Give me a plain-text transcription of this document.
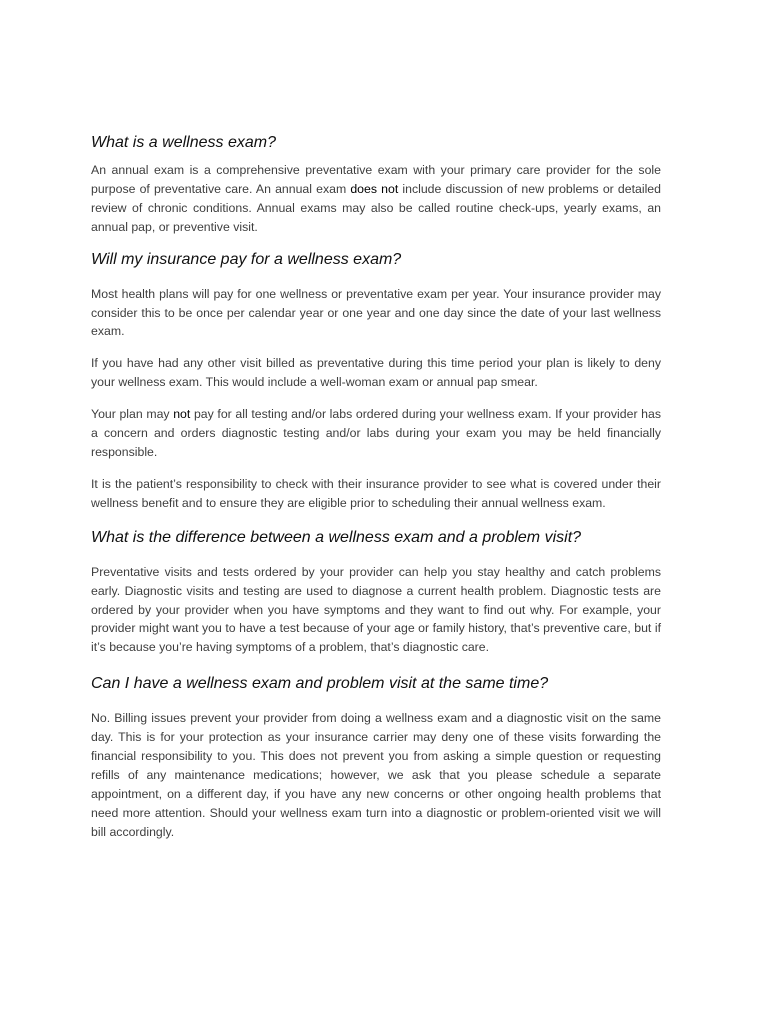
What is a wellness exam?

An annual exam is a comprehensive preventative exam with your primary care provider for the sole purpose of preventative care. An annual exam does not include discussion of new problems or detailed review of chronic conditions. Annual exams may also be called routine check-ups, yearly exams, an annual pap, or preventive visit.

Will my insurance pay for a wellness exam?

Most health plans will pay for one wellness or preventative exam per year. Your insurance provider may consider this to be once per calendar year or one year and one day since the date of your last wellness exam.

If you have had any other visit billed as preventative during this time period your plan is likely to deny your wellness exam. This would include a well-woman exam or annual pap smear.

Your plan may not pay for all testing and/or labs ordered during your wellness exam. If your provider has a concern and orders diagnostic testing and/or labs during your exam you may be held financially responsible.

It is the patient’s responsibility to check with their insurance provider to see what is covered under their wellness benefit and to ensure they are eligible prior to scheduling their annual wellness exam.

What is the difference between a wellness exam and a problem visit?

Preventative visits and tests ordered by your provider can help you stay healthy and catch problems early. Diagnostic visits and testing are used to diagnose a current health problem. Diagnostic tests are ordered by your provider when you have symptoms and they want to find out why. For example, your provider might want you to have a test because of your age or family history, that’s preventive care, but if it’s because you’re having symptoms of a problem, that’s diagnostic care.

Can I have a wellness exam and problem visit at the same time?

No. Billing issues prevent your provider from doing a wellness exam and a diagnostic visit on the same day. This is for your protection as your insurance carrier may deny one of these visits forwarding the financial responsibility to you. This does not prevent you from asking a simple question or requesting refills of any maintenance medications; however, we ask that you please schedule a separate appointment, on a different day, if you have any new concerns or other ongoing health problems that need more attention. Should your wellness exam turn into a diagnostic or problem-oriented visit we will bill accordingly.
